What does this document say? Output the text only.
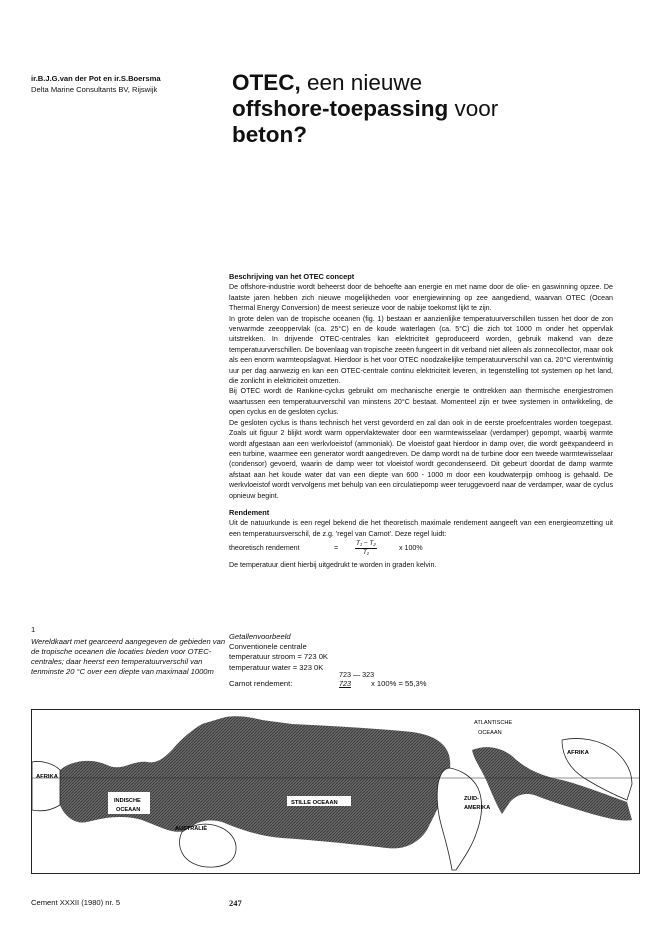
ir.B.J.G.van der Pot en ir.S.Boersma
Delta Marine Consultants BV, Rijswijk	OTEC, een nieuwe
offshore-toepassing voor
beton?
Beschrijving van het OTEC concept

De offshore-industrie wordt beheerst door de behoefte aan energie en met name door de olie- en gaswinning opzee. De laatste jaren hebben zich nieuwe mogelijkheden voor energiewinning op zee aangediend, waarvan OTEC (Ocean Thermal Energy Conversion) de meest serieuze voor de nabije toekomst lijkt te zijn.

In grote delen van de tropische oceanen (fig. 1) bestaan er aanzienlijke temperatuurverschillen tussen het door de zon verwarmde zeeoppervlak (ca. 25°C) en de koude waterlagen (ca. 5°C) die zich tot 1000 m onder het oppervlak uitstrekken. In drijvende OTEC-centrales kan elektriciteit geproduceerd worden, gebruik makend van deze temperatuurverschillen. De bovenlaag van tropische zeeën fungeert in dit verband niet alleen als zonnecollector, maar ook als een enorm warmteopslagvat. Hierdoor is het voor OTEC noodzakelijke temperatuurverschil van ca. 20°C vierentwintig uur per dag aanwezig en kan een OTEC-centrale continu elektriciteit leveren, in tegenstelling tot systemen op het land, die zonlicht in elektriciteit omzetten.

Bij OTEC wordt de Rankine-cyclus gebruikt om mechanische energie te onttrekken aan thermische energiestromen waartussen een temperatuurverschil van minstens 20°C bestaat. Momenteel zijn er twee systemen in ontwikkeling, de open cyclus en de gesloten cyclus.

De gesloten cyclus is thans technisch het verst gevorderd en zal dan ook in de eerste proefcentrales worden toegepast. Zoals uit figuur 2 blijkt wordt warm oppervlaktewater door een warmtewisselaar (verdamper) gepompt, waarbij warmte wordt afgestaan aan een werkvloeistof (ammoniak). De vloeistof gaat hierdoor in damp over, die wordt geëxpandeerd in een turbine, waarmee een generator wordt aangedreven. De damp wordt na de turbine door een tweede warmtewisselaar (condensor) gevoerd, waarin de damp weer tot vloeistof wordt gecondenseerd. Dit gebeurt doordat de damp warmte afstaat aan het koude water dat van een diepte van 600 - 1000 m door een koudwaterpijp omhoog is gehaald. De werkvloeistof wordt vervolgens met behulp van een circulatiepomp weer teruggevoerd naar de verdamper, waar de cyclus opnieuw begint.

Rendement

Uit de natuurkunde is een regel bekend die het theoretisch maximale rendement aangeeft van een energieomzetting uit een temperatuursverschil, de z.g. 'regel van Carnot'. Deze regel luidt:

theoretisch rendement	=	$\frac{\text{T₁ − T₂}}{\text{T₁}}$	x 100%

De temperatuur dient hierbij uitgedrukt te worden in graden kelvin.

1
Wereldkaart met gearceerd aangegeven de gebieden van de tropische oceanen die locaties bieden voor OTEC-centrales; daar heerst een temperatuurverschil van tenminste 20 °C over een diepte van maximaal 1000m
Getallenvoorbeeld
Conventionele centrale
temperatuur stroom = 723 0K
temperatuur water = 323 0K
Carnot rendement:
723 — 323
723	x 100% = 55,3%
ATLANTISCHE
OCEAAN
AFRIKA
AFRIKA
INDISCHE
OCEAAN
STILLE OCEAAN
ZUID-
AMERIKA
AUSTRALIË
Cement XXXII (1980) nr. 5	247
